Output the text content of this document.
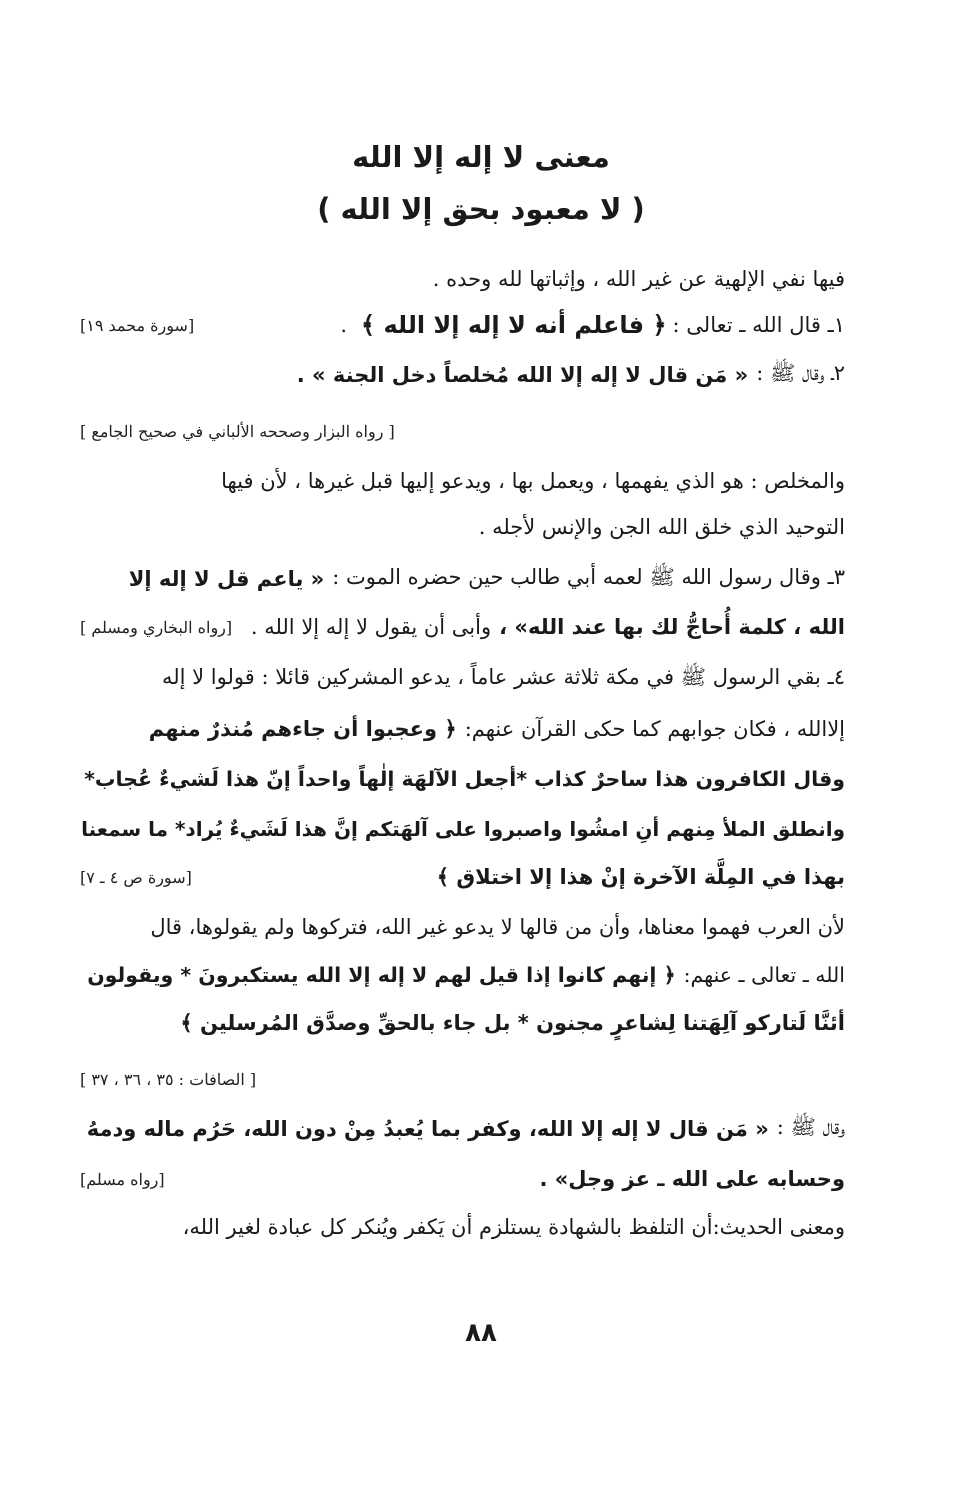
معنى لا إله إلا الله
( لا معبود بحق إلا الله )
فيها نفي الإلهية عن غير الله ، وإثباتها لله وحده .
١ـ قال الله ـ تعالى :
﴿ فاعلم أنه لا إله إلا الله ﴾
.
[سورة محمد ١٩]
٢ـ وقال ﷺ :
« مَن قال لا إله إلا الله مُخلصاً دخل الجنة » .
[ رواه البزار وصححه الألباني في صحيح الجامع ]
والمخلص : هو الذي يفهمها ، ويعمل بها ، ويدعو إليها قبل غيرها ، لأن فيها
التوحيد الذي خلق الله الجن والإنس لأجله .
٣ـ وقال رسول الله ﷺ لعمه أبي طالب حين حضره الموت :
« ياعم قل لا إله إلا
الله ، كلمة أُحاجُّ لك بها عند الله» ،
وأبى أن يقول لا إله إلا الله .
[رواه البخاري ومسلم ]
٤ـ بقي الرسول ﷺ في مكة ثلاثة عشر عاماً ، يدعو المشركين قائلا : قولوا لا إله
إلاالله ، فكان جوابهم كما حكى القرآن عنهم:
﴿ وعجبوا أن جاءهم مُنذرٌ منهم
وقال الكافرون هذا ساحرٌ كذاب *أجعل الآلهَة إلٰهاً واحداً إنّ هذا لَشيءٌ عُجاب*
وانطلق الملأ مِنهم أنِ امشُوا واصبروا على آلهَتكم إنَّ هذا لَشَيءٌ يُراد* ما سمعنا
بهذا في المِلَّة الآخرة إنْ هذا إلا اختلاق ﴾
[سورة ص ٤ ـ ٧]
لأن العرب فهموا معناها، وأن من قالها لا يدعو غير الله، فتركوها ولم يقولوها، قال
الله ـ تعالى ـ عنهم:
﴿ إنهم كانوا إذا قيل لهم لا إله إلا الله يستكبرونَ * ويقولون
أئنَّا لَتاركو آلِهَتنا لِشاعرٍ مجنون * بل جاء بالحقِّ وصدَّق المُرسلين ﴾
[ الصافات : ٣٥ ، ٣٦ ، ٣٧ ]
وقال ﷺ :
« مَن قال لا إله إلا الله، وكفر بما يُعبدُ مِنْ دون الله، حَرُم ماله ودمهُ
وحسابه على الله ـ عز وجل» .
[رواه مسلم]
ومعنى الحديث:أن التلفظ بالشهادة يستلزم أن يَكفر ويُنكر كل عبادة لغير الله،
٨٨
